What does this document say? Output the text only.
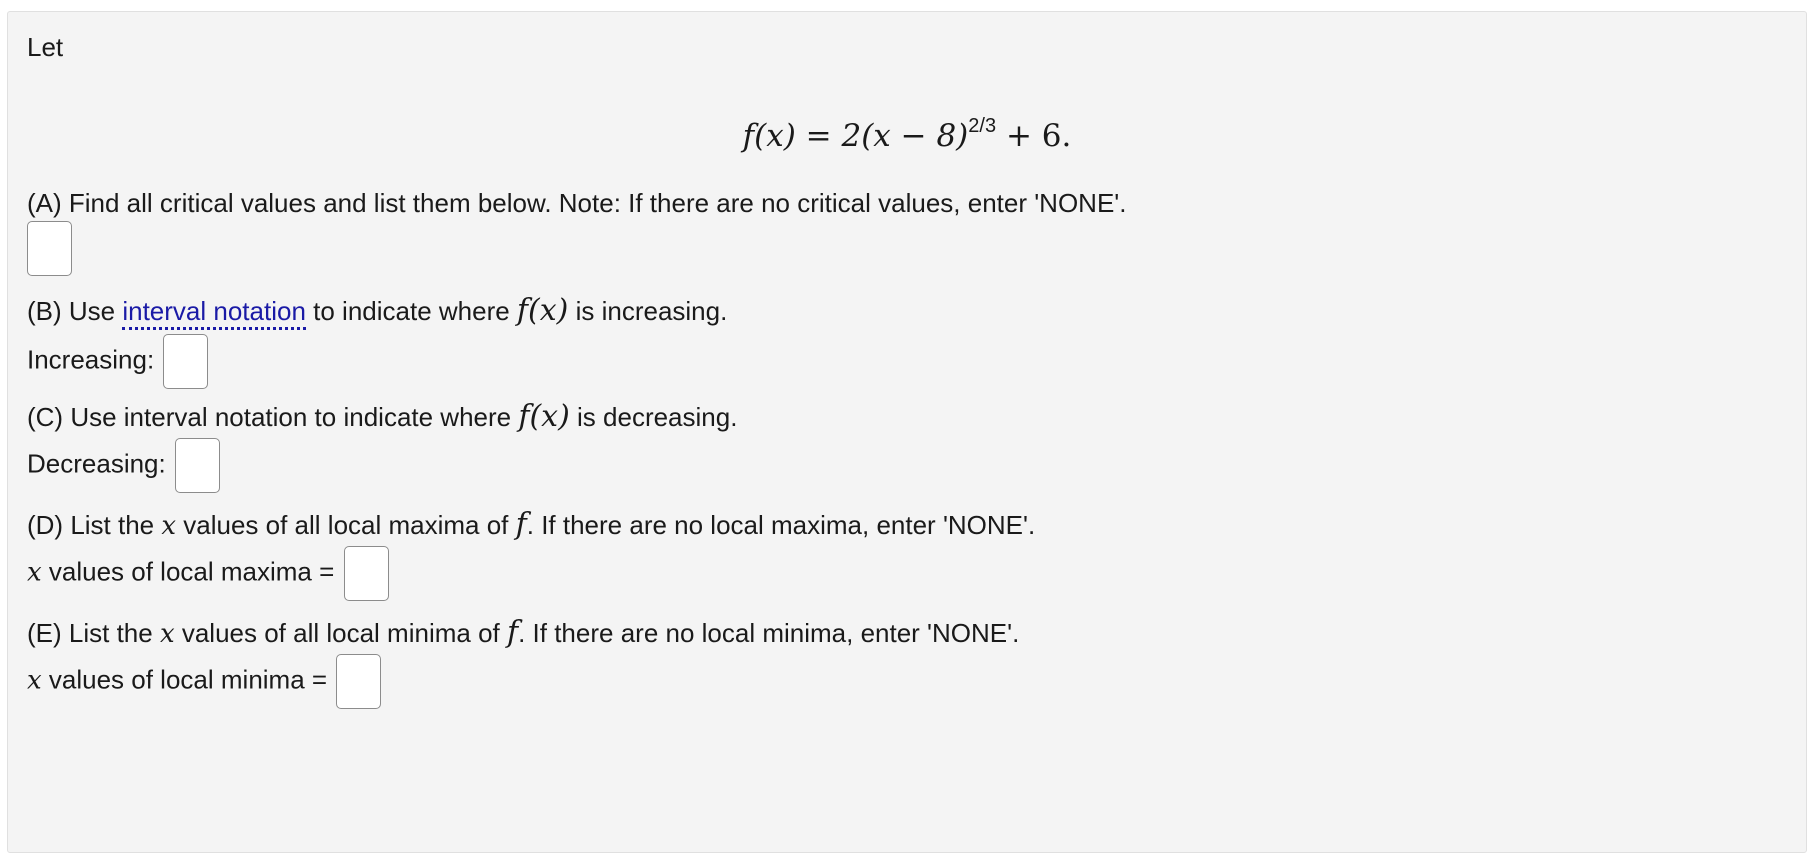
Let
$f(x) = 2(x - 8)^{2/3} + 6$.
(A) Find all critical values and list them below. Note: If there are no critical values, enter 'NONE'.
(B) Use interval notation to indicate where f(x) is increasing.
Increasing:
(C) Use interval notation to indicate where f(x) is decreasing.
Decreasing:
(D) List the x values of all local maxima of f. If there are no local maxima, enter 'NONE'.
x values of local maxima =
(E) List the x values of all local minima of f. If there are no local minima, enter 'NONE'.
x values of local minima =
